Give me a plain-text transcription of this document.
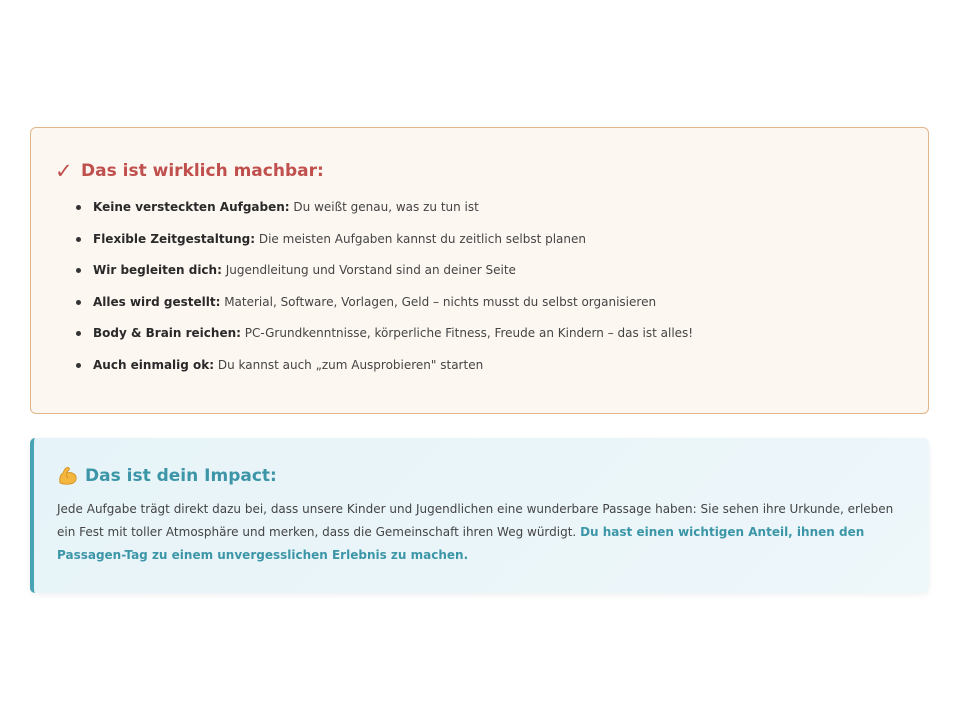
✓ Das ist wirklich machbar:
Keine versteckten Aufgaben: Du weißt genau, was zu tun ist
Flexible Zeitgestaltung: Die meisten Aufgaben kannst du zeitlich selbst planen
Wir begleiten dich: Jugendleitung und Vorstand sind an deiner Seite
Alles wird gestellt: Material, Software, Vorlagen, Geld – nichts musst du selbst organisieren
Body & Brain reichen: PC-Grundkenntnisse, körperliche Fitness, Freude an Kindern – das ist alles!
Auch einmalig ok: Du kannst auch „zum Ausprobieren" starten
Das ist dein Impact:

Jede Aufgabe trägt direkt dazu bei, dass unsere Kinder und Jugendlichen eine wunderbare Passage haben: Sie sehen ihre Urkunde, erleben ein Fest mit toller Atmosphäre und merken, dass die Gemeinschaft ihren Weg würdigt. Du hast einen wichtigen Anteil, ihnen den Passagen-Tag zu einem unvergesslichen Erlebnis zu machen.
